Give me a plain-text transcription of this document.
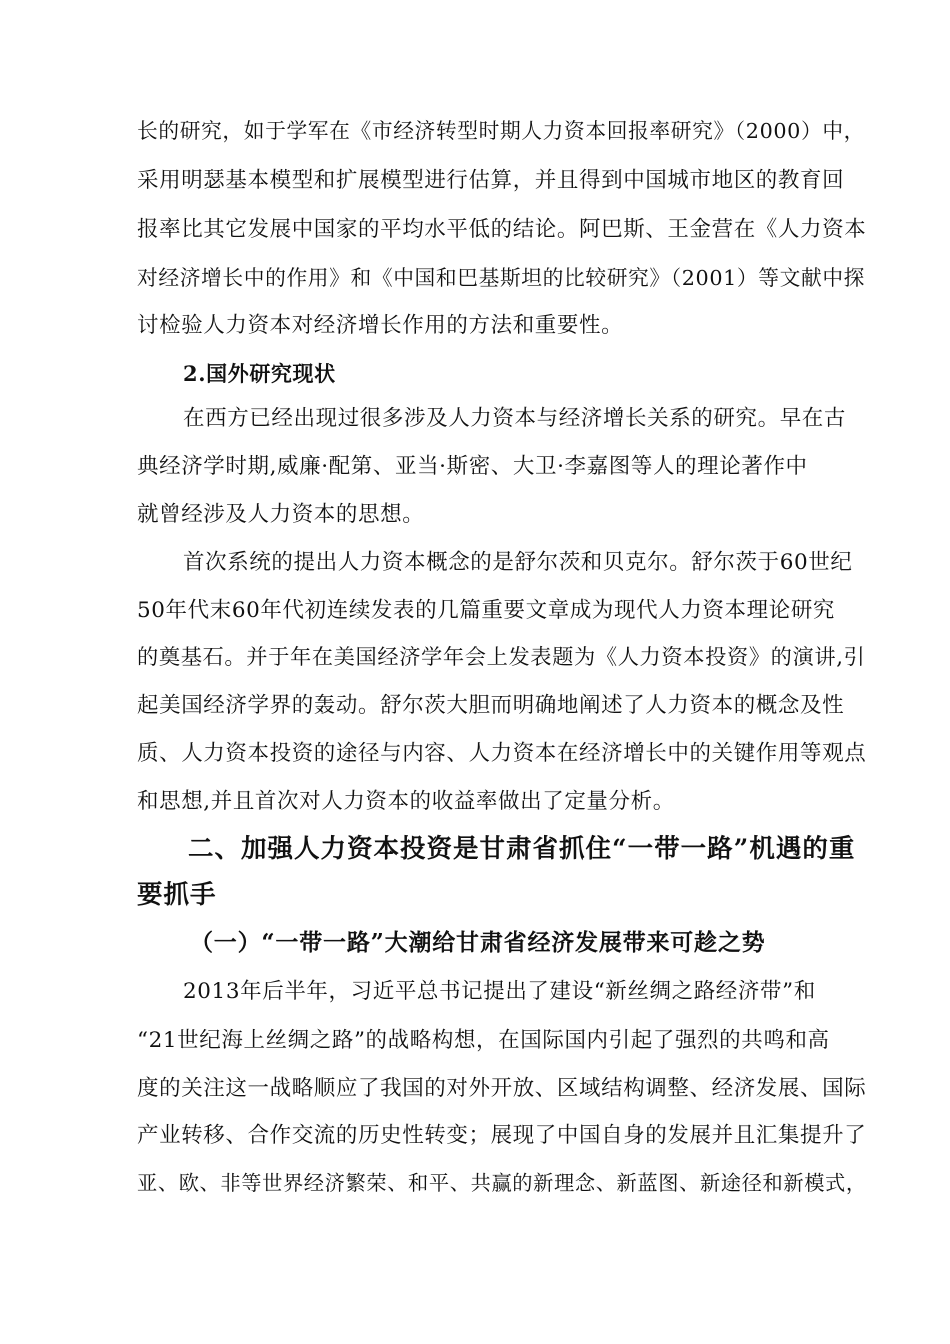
长的研究，如于学军在《市经济转型时期人力资本回报率研究》（2000）中，

采用明瑟基本模型和扩展模型进行估算，并且得到中国城市地区的教育回

报率比其它发展中国家的平均水平低的结论。阿巴斯、王金营在《人力资本

对经济增长中的作用》和《中国和巴基斯坦的比较研究》（2001）等文献中探

讨检验人力资本对经济增长作用的方法和重要性。

2.国外研究现状

在西方已经出现过很多涉及人力资本与经济增长关系的研究。早在古

典经济学时期,威廉·配第、亚当·斯密、大卫·李嘉图等人的理论著作中

就曾经涉及人力资本的思想。

首次系统的提出人力资本概念的是舒尔茨和贝克尔。舒尔茨于60世纪

50年代末60年代初连续发表的几篇重要文章成为现代人力资本理论研究

的奠基石。并于年在美国经济学年会上发表题为《人力资本投资》的演讲,引

起美国经济学界的轰动。舒尔茨大胆而明确地阐述了人力资本的概念及性

质、人力资本投资的途径与内容、人力资本在经济增长中的关键作用等观点

和思想,并且首次对人力资本的收益率做出了定量分析。

二、加强人力资本投资是甘肃省抓住“一带一路”机遇的重

要抓手

（一）“一带一路”大潮给甘肃省经济发展带来可趁之势

2013年后半年，习近平总书记提出了建设“新丝绸之路经济带”和

“21世纪海上丝绸之路”的战略构想，在国际国内引起了强烈的共鸣和高

度的关注这一战略顺应了我国的对外开放、区域结构调整、经济发展、国际

产业转移、合作交流的历史性转变；展现了中国自身的发展并且汇集提升了

亚、欧、非等世界经济繁荣、和平、共赢的新理念、新蓝图、新途径和新模式，
